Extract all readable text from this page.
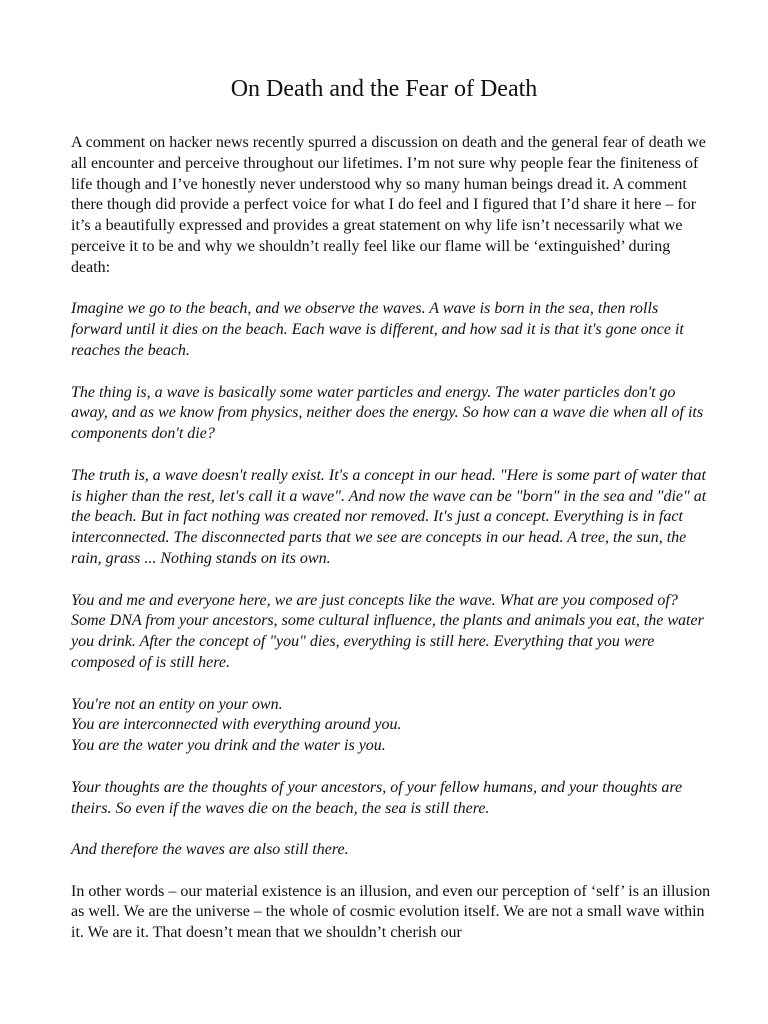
On Death and the Fear of Death

A comment on hacker news recently spurred a discussion on death and the general fear of death we all encounter and perceive throughout our lifetimes. I’m not sure why people fear the finiteness of life though and I’ve honestly never understood why so many human beings dread it. A comment there though did provide a perfect voice for what I do feel and I figured that I’d share it here – for it’s a beautifully expressed and provides a great statement on why life isn’t necessarily what we perceive it to be and why we shouldn’t really feel like our flame will be ‘extinguished’ during death:

Imagine we go to the beach, and we observe the waves. A wave is born in the sea, then rolls forward until it dies on the beach. Each wave is different, and how sad it is that it's gone once it reaches the beach.

The thing is, a wave is basically some water particles and energy. The water particles don't go away, and as we know from physics, neither does the energy. So how can a wave die when all of its components don't die?

The truth is, a wave doesn't really exist. It's a concept in our head. "Here is some part of water that is higher than the rest, let's call it a wave". And now the wave can be "born" in the sea and "die" at the beach. But in fact nothing was created nor removed. It's just a concept. Everything is in fact interconnected. The disconnected parts that we see are concepts in our head. A tree, the sun, the rain, grass ... Nothing stands on its own.

You and me and everyone here, we are just concepts like the wave. What are you composed of? Some DNA from your ancestors, some cultural influence, the plants and animals you eat, the water you drink. After the concept of "you" dies, everything is still here. Everything that you were composed of is still here.

You're not an entity on your own.
You are interconnected with everything around you.
You are the water you drink and the water is you.

Your thoughts are the thoughts of your ancestors, of your fellow humans, and your thoughts are theirs. So even if the waves die on the beach, the sea is still there.

And therefore the waves are also still there.

In other words – our material existence is an illusion, and even our perception of ‘self’ is an illusion as well. We are the universe – the whole of cosmic evolution itself. We are not a small wave within it. We are it. That doesn’t mean that we shouldn’t cherish our
